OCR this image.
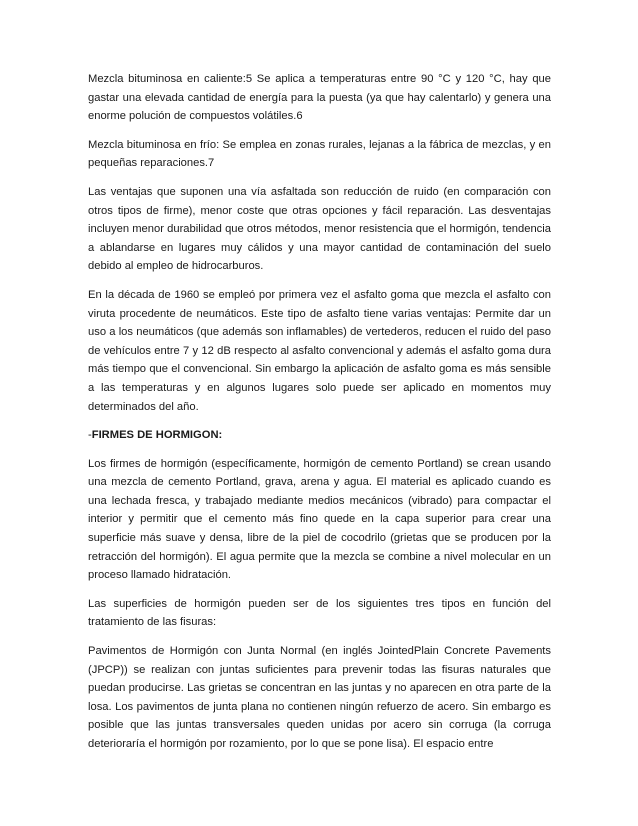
Mezcla bituminosa en caliente:5 Se aplica a temperaturas entre 90 °C y 120 °C, hay que gastar una elevada cantidad de energía para la puesta (ya que hay calentarlo) y genera una enorme polución de compuestos volátiles.6

Mezcla bituminosa en frío: Se emplea en zonas rurales, lejanas a la fábrica de mezclas, y en pequeñas reparaciones.7

Las ventajas que suponen una vía asfaltada son reducción de ruido (en comparación con otros tipos de firme), menor coste que otras opciones y fácil reparación. Las desventajas incluyen menor durabilidad que otros métodos, menor resistencia que el hormigón, tendencia a ablandarse en lugares muy cálidos y una mayor cantidad de contaminación del suelo debido al empleo de hidrocarburos.

En la década de 1960 se empleó por primera vez el asfalto goma que mezcla el asfalto con viruta procedente de neumáticos. Este tipo de asfalto tiene varias ventajas: Permite dar un uso a los neumáticos (que además son inflamables) de vertederos, reducen el ruido del paso de vehículos entre 7 y 12 dB respecto al asfalto convencional y además el asfalto goma dura más tiempo que el convencional. Sin embargo la aplicación de asfalto goma es más sensible a las temperaturas y en algunos lugares solo puede ser aplicado en momentos muy determinados del año.

-FIRMES DE HORMIGON:

Los firmes de hormigón (específicamente, hormigón de cemento Portland) se crean usando una mezcla de cemento Portland, grava, arena y agua. El material es aplicado cuando es una lechada fresca, y trabajado mediante medios mecánicos (vibrado) para compactar el interior y permitir que el cemento más fino quede en la capa superior para crear una superficie más suave y densa, libre de la piel de cocodrilo (grietas que se producen por la retracción del hormigón). El agua permite que la mezcla se combine a nivel molecular en un proceso llamado hidratación.

Las superficies de hormigón pueden ser de los siguientes tres tipos en función del tratamiento de las fisuras:

Pavimentos de Hormigón con Junta Normal (en inglés JointedPlain Concrete Pavements (JPCP)) se realizan con juntas suficientes para prevenir todas las fisuras naturales que puedan producirse. Las grietas se concentran en las juntas y no aparecen en otra parte de la losa. Los pavimentos de junta plana no contienen ningún refuerzo de acero. Sin embargo es posible que las juntas transversales queden unidas por acero sin corruga (la corruga deterioraría el hormigón por rozamiento, por lo que se pone lisa). El espacio entre
